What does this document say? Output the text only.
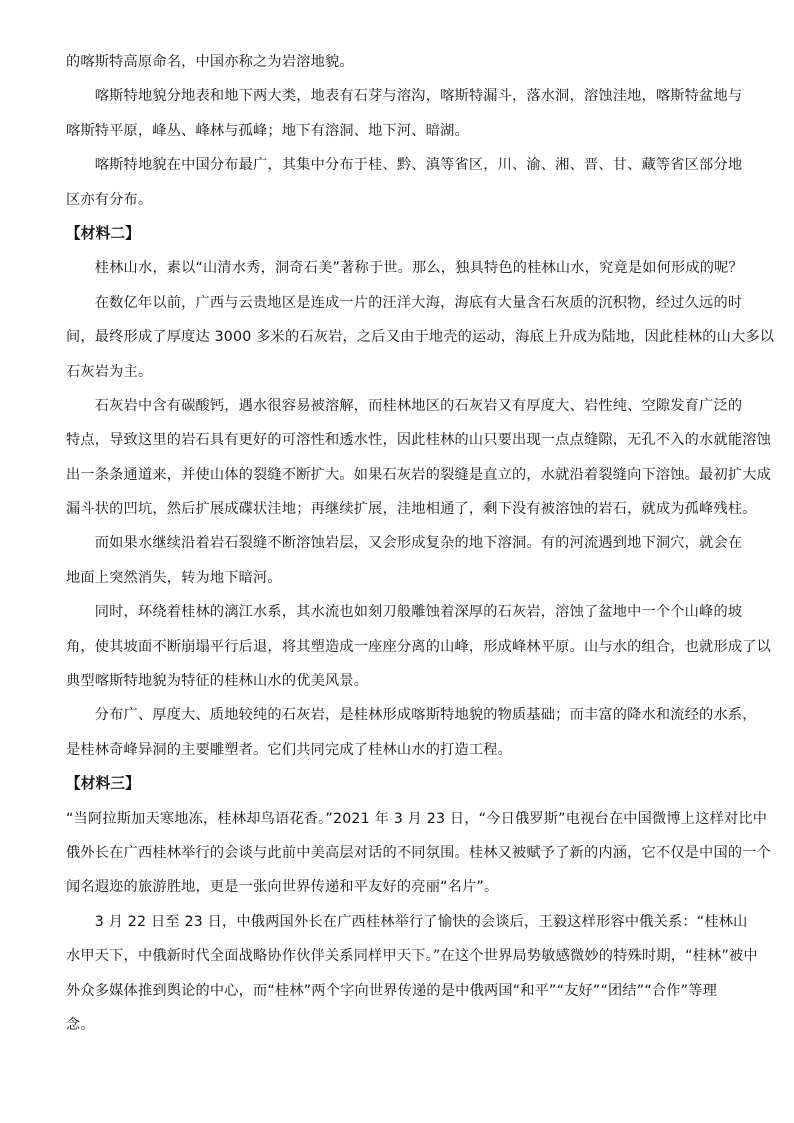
的喀斯特高原命名，中国亦称之为岩溶地貌。
　　喀斯特地貌分地表和地下两大类，地表有石芽与溶沟，喀斯特漏斗，落水洞，溶蚀洼地，喀斯特盆地与
喀斯特平原，峰丛、峰林与孤峰；地下有溶洞、地下河、暗湖。
　　喀斯特地貌在中国分布最广，其集中分布于桂、黔、滇等省区，川、渝、湘、晋、甘、藏等省区部分地
区亦有分布。
【材料二】
　　桂林山水，素以“山清水秀，洞奇石美”著称于世。那么，独具特色的桂林山水，究竟是如何形成的呢？
　　在数亿年以前，广西与云贵地区是连成一片的汪洋大海，海底有大量含石灰质的沉积物，经过久远的时
间，最终形成了厚度达 3000 多米的石灰岩，之后又由于地壳的运动，海底上升成为陆地，因此桂林的山大多以
石灰岩为主。
　　石灰岩中含有碳酸钙，遇水很容易被溶解，而桂林地区的石灰岩又有厚度大、岩性纯、空隙发育广泛的
特点，导致这里的岩石具有更好的可溶性和透水性，因此桂林的山只要出现一点点缝隙，无孔不入的水就能溶蚀
出一条条通道来，并使山体的裂缝不断扩大。如果石灰岩的裂缝是直立的，水就沿着裂缝向下溶蚀。最初扩大成
漏斗状的凹坑，然后扩展成碟状洼地；再继续扩展，洼地相通了，剩下没有被溶蚀的岩石，就成为孤峰残柱。
　　而如果水继续沿着岩石裂缝不断溶蚀岩层，又会形成复杂的地下溶洞。有的河流遇到地下洞穴，就会在
地面上突然消失，转为地下暗河。
　　同时，环绕着桂林的漓江水系，其水流也如刻刀般雕蚀着深厚的石灰岩，溶蚀了盆地中一个个山峰的坡
角，使其坡面不断崩塌平行后退，将其塑造成一座座分离的山峰，形成峰林平原。山与水的组合，也就形成了以
典型喀斯特地貌为特征的桂林山水的优美风景。
　　分布广、厚度大、质地较纯的石灰岩，是桂林形成喀斯特地貌的物质基础；而丰富的降水和流经的水系，
是桂林奇峰异洞的主要雕塑者。它们共同完成了桂林山水的打造工程。
【材料三】
“当阿拉斯加天寒地冻，桂林却鸟语花香。”2021 年 3 月 23 日，“今日俄罗斯”电视台在中国微博上这样对比中
俄外长在广西桂林举行的会谈与此前中美高层对话的不同氛围。桂林又被赋予了新的内涵，它不仅是中国的一个
闻名遐迩的旅游胜地，更是一张向世界传递和平友好的亮丽“名片”。
　　3 月 22 日至 23 日，中俄两国外长在广西桂林举行了愉快的会谈后，王毅这样形容中俄关系：“桂林山
水甲天下，中俄新时代全面战略协作伙伴关系同样甲天下。”在这个世界局势敏感微妙的特殊时期，“桂林”被中
外众多媒体推到舆论的中心，而“桂林”两个字向世界传递的是中俄两国“和平”“友好”“团结”“合作”等理
念。
